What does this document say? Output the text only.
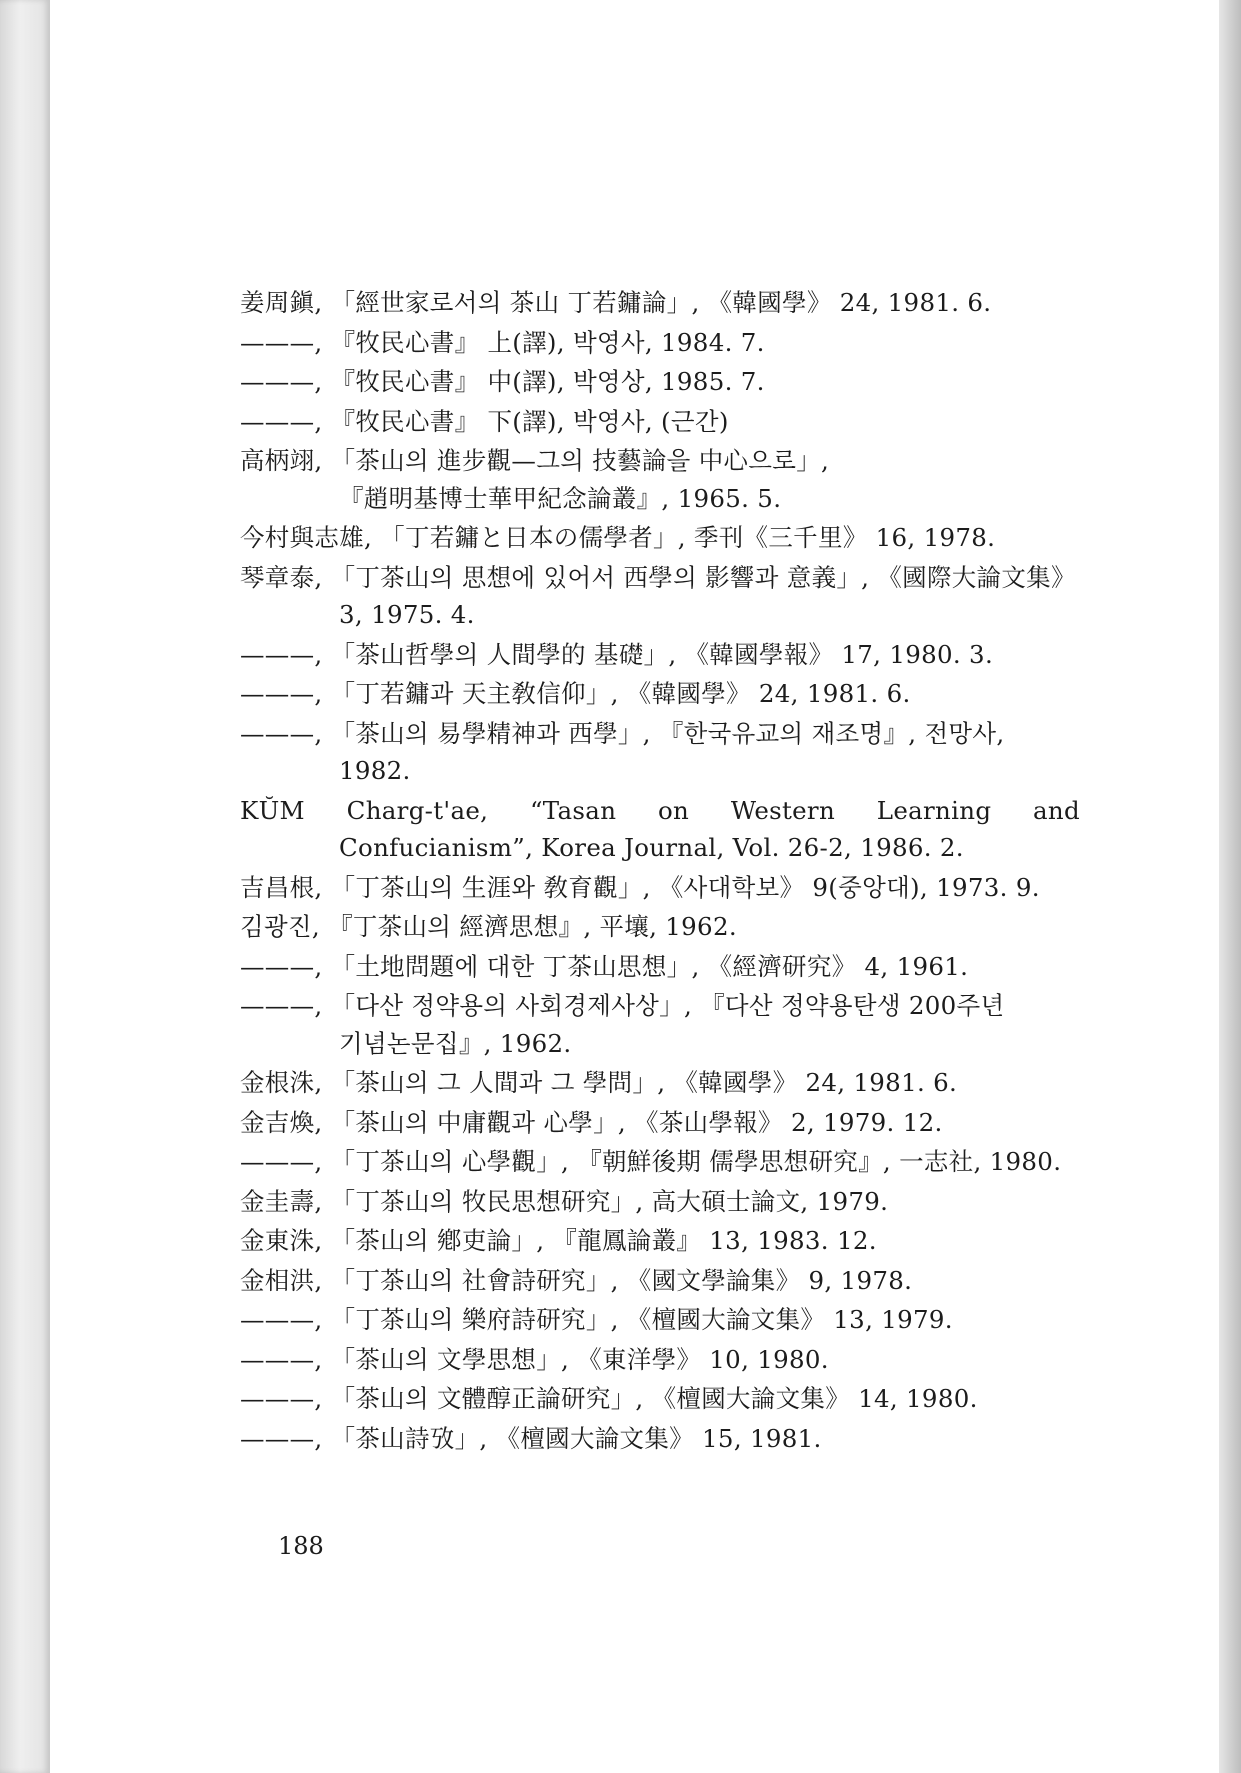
姜周鎭, 「經世家로서의 茶山 丁若鏞論」, 《韓國學》 24, 1981. 6.

———, 『牧民心書』 上(譯), 박영사, 1984. 7.

———, 『牧民心書』 中(譯), 박영상, 1985. 7.

———, 『牧民心書』 下(譯), 박영사, (근간)

高柄翊, 「茶山의 進步觀—그의 技藝論을 中心으로」, 『趙明基博士華甲紀念論叢』, 1965. 5.

今村與志雄, 「丁若鏞と日本の儒學者」, 季刊《三千里》 16, 1978.

琴章泰, 「丁茶山의 思想에 있어서 西學의 影響과 意義」, 《國際大論文集》 3, 1975. 4.

———, 「茶山哲學의 人間學的 基礎」, 《韓國學報》 17, 1980. 3.

———, 「丁若鏞과 天主敎信仰」, 《韓國學》 24, 1981. 6.

———, 「茶山의 易學精神과 西學」, 『한국유교의 재조명』, 전망사, 1982.

KŬM Charg-t'ae, “Tasan on Western Learning and Confucianism”, Korea Journal, Vol. 26-2, 1986. 2.

吉昌根, 「丁茶山의 生涯와 敎育觀」, 《사대학보》 9(중앙대), 1973. 9.

김광진, 『丁茶山의 經濟思想』, 平壤, 1962.

———, 「土地問題에 대한 丁茶山思想」, 《經濟研究》 4, 1961.

———, 「다산 정약용의 사회경제사상」, 『다산 정약용탄생 200주년 기념논문집』, 1962.

金根洙, 「茶山의 그 人間과 그 學問」, 《韓國學》 24, 1981. 6.

金吉煥, 「茶山의 中庸觀과 心學」, 《茶山學報》 2, 1979. 12.

———, 「丁茶山의 心學觀」, 『朝鮮後期 儒學思想研究』, 一志社, 1980.

金圭壽, 「丁茶山의 牧民思想研究」, 高大碩士論文, 1979.

金東洙, 「茶山의 鄕吏論」, 『龍鳳論叢』 13, 1983. 12.

金相洪, 「丁茶山의 社會詩研究」, 《國文學論集》 9, 1978.

———, 「丁茶山의 樂府詩研究」, 《檀國大論文集》 13, 1979.

———, 「茶山의 文學思想」, 《東洋學》 10, 1980.

———, 「茶山의 文體醇正論研究」, 《檀國大論文集》 14, 1980.

———, 「茶山詩攷」, 《檀國大論文集》 15, 1981.

188
